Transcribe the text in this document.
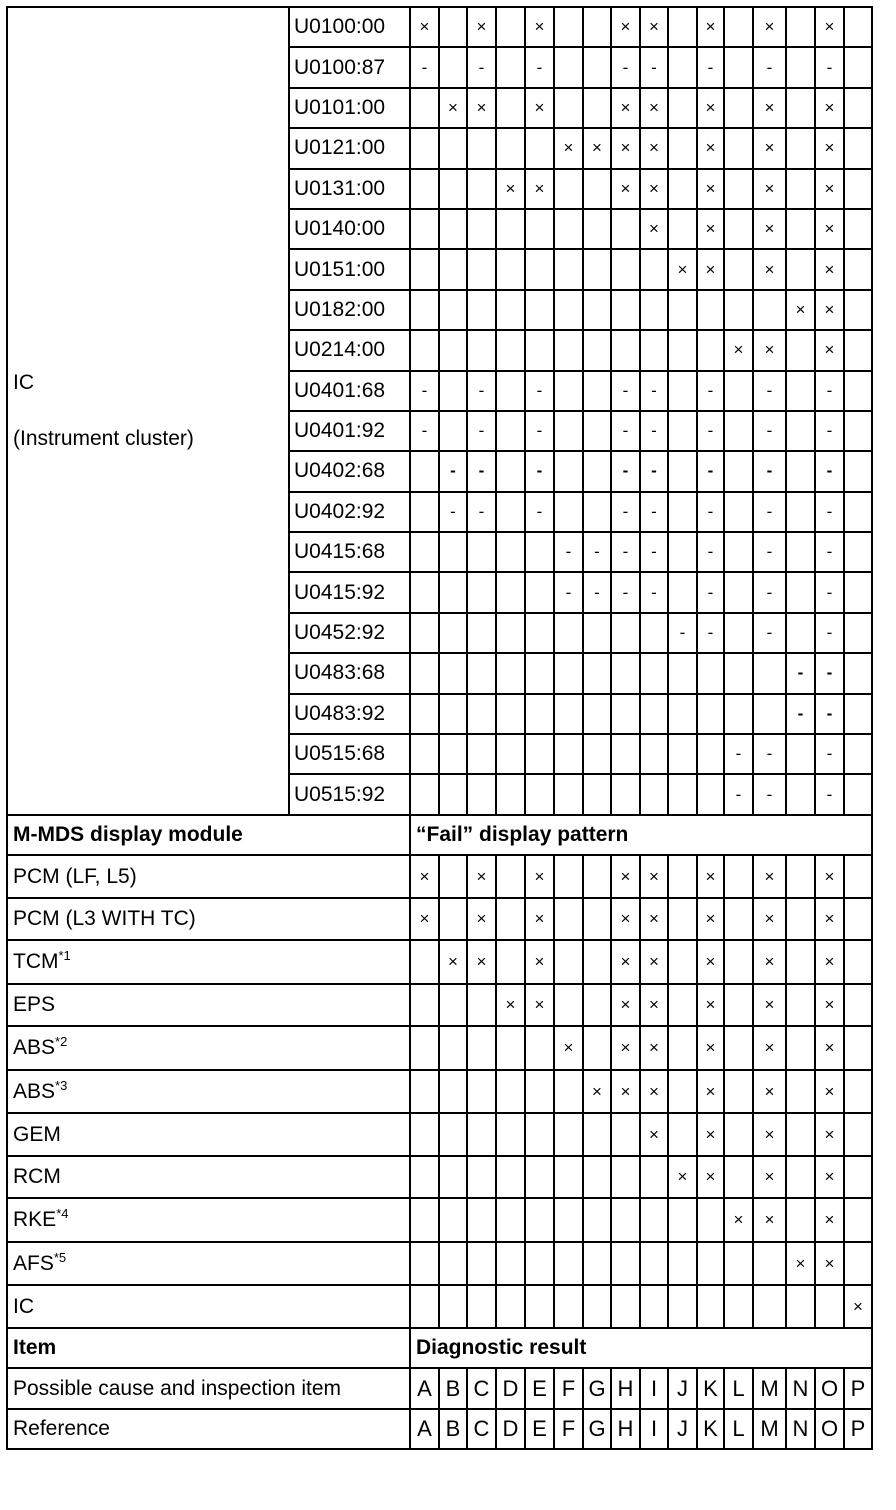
IC
(Instrument cluster)	U0100:00	×		×		×			×	×		×		×		×	
	U0100:87	-		-		-			-	-		-		-		-	
	U0101:00		×	×		×			×	×		×		×		×	
	U0121:00						×	×	×	×		×		×		×	
	U0131:00				×	×			×	×		×		×		×	
	U0140:00									×		×		×		×	
	U0151:00										×	×		×		×	
	U0182:00														×	×	
	U0214:00												×	×		×	
	U0401:68	-		-		-			-	-		-		-		-	
	U0401:92	-		-		-			-	-		-		-		-	
	U0402:68		-	-		-			-	-		-		-		-	
	U0402:92		-	-		-			-	-		-		-		-	
	U0415:68						-	-	-	-		-		-		-	
	U0415:92						-	-	-	-		-		-		-	
	U0452:92										-	-		-		-	
	U0483:68														-	-	
	U0483:92														-	-	
	U0515:68												-	-		-	
	U0515:92												-	-		-	
M-MDS display module		“Fail” display pattern															
PCM (LF, L5)		×		×		×			×	×		×		×		×	
PCM (L3 WITH TC)		×		×		×			×	×		×		×		×	
TCM$^{*1}$			×	×		×			×	×		×		×		×	
EPS					×	×			×	×		×		×		×	
ABS$^{*2}$							×		×	×		×		×		×	
ABS$^{*3}$								×	×	×		×		×		×	
GEM										×		×		×		×	
RCM											×	×		×		×	
RKE$^{*4}$													×	×		×	
AFS$^{*5}$															×	×	
IC																	×
Item		Diagnostic result															
Possible cause and inspection item		A	B	C	D	E	F	G	H	I	J	K	L	M	N	O	P
Reference		A	B	C	D	E	F	G	H	I	J	K	L	M	N	O	P
